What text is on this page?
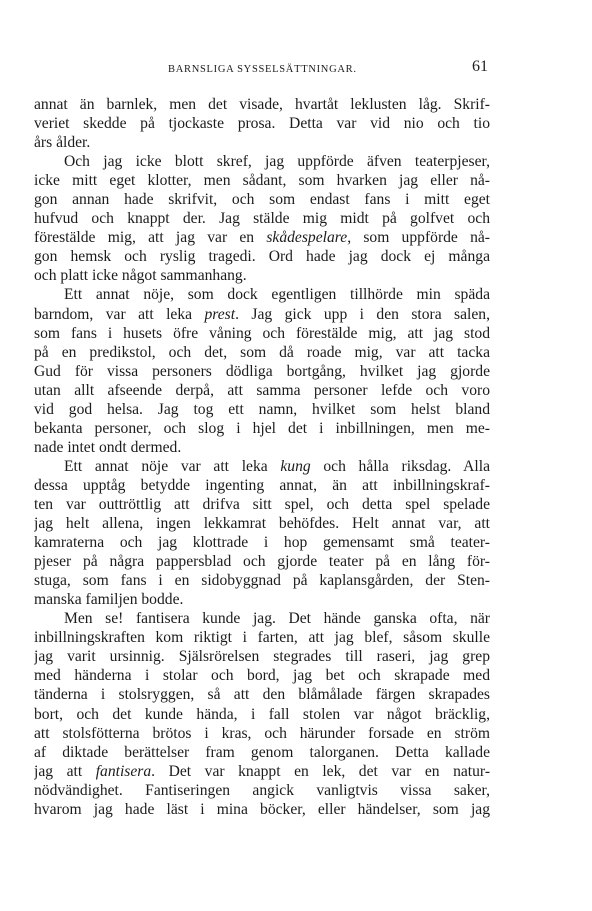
BARNSLIGA SYSSELSÄTTNINGAR.	61
annat än barnlek, men det visade, hvartåt leklusten låg. Skrif-
veriet skedde på tjockaste prosa. Detta var vid nio och tio
års ålder.
Och jag icke blott skref, jag uppförde äfven teaterpjeser,
icke mitt eget klotter, men sådant, som hvarken jag eller nå-
gon annan hade skrifvit, och som endast fans i mitt eget
hufvud och knappt der. Jag stälde mig midt på golfvet och
förestälde mig, att jag var en skådespelare, som uppförde nå-
gon hemsk och ryslig tragedi. Ord hade jag dock ej många
och platt icke något sammanhang.
Ett annat nöje, som dock egentligen tillhörde min späda
barndom, var att leka prest. Jag gick upp i den stora salen,
som fans i husets öfre våning och förestälde mig, att jag stod
på en predikstol, och det, som då roade mig, var att tacka
Gud för vissa personers dödliga bortgång, hvilket jag gjorde
utan allt afseende derpå, att samma personer lefde och voro
vid god helsa. Jag tog ett namn, hvilket som helst bland
bekanta personer, och slog i hjel det i inbillningen, men me-
nade intet ondt dermed.
Ett annat nöje var att leka kung och hålla riksdag. Alla
dessa upptåg betydde ingenting annat, än att inbillningskraf-
ten var outtröttlig att drifva sitt spel, och detta spel spelade
jag helt allena, ingen lekkamrat behöfdes. Helt annat var, att
kamraterna och jag klottrade i hop gemensamt små teater-
pjeser på några pappersblad och gjorde teater på en lång för-
stuga, som fans i en sidobyggnad på kaplansgården, der Sten-
manska familjen bodde.
Men se! fantisera kunde jag. Det hände ganska ofta, när
inbillningskraften kom riktigt i farten, att jag blef, såsom skulle
jag varit ursinnig. Själsrörelsen stegrades till raseri, jag grep
med händerna i stolar och bord, jag bet och skrapade med
tänderna i stolsryggen, så att den blåmålade färgen skrapades
bort, och det kunde hända, i fall stolen var något bräcklig,
att stolsfötterna brötos i kras, och härunder forsade en ström
af diktade berättelser fram genom talorganen. Detta kallade
jag att fantisera. Det var knappt en lek, det var en natur-
nödvändighet. Fantiseringen angick vanligtvis vissa saker,
hvarom jag hade läst i mina böcker, eller händelser, som jag
